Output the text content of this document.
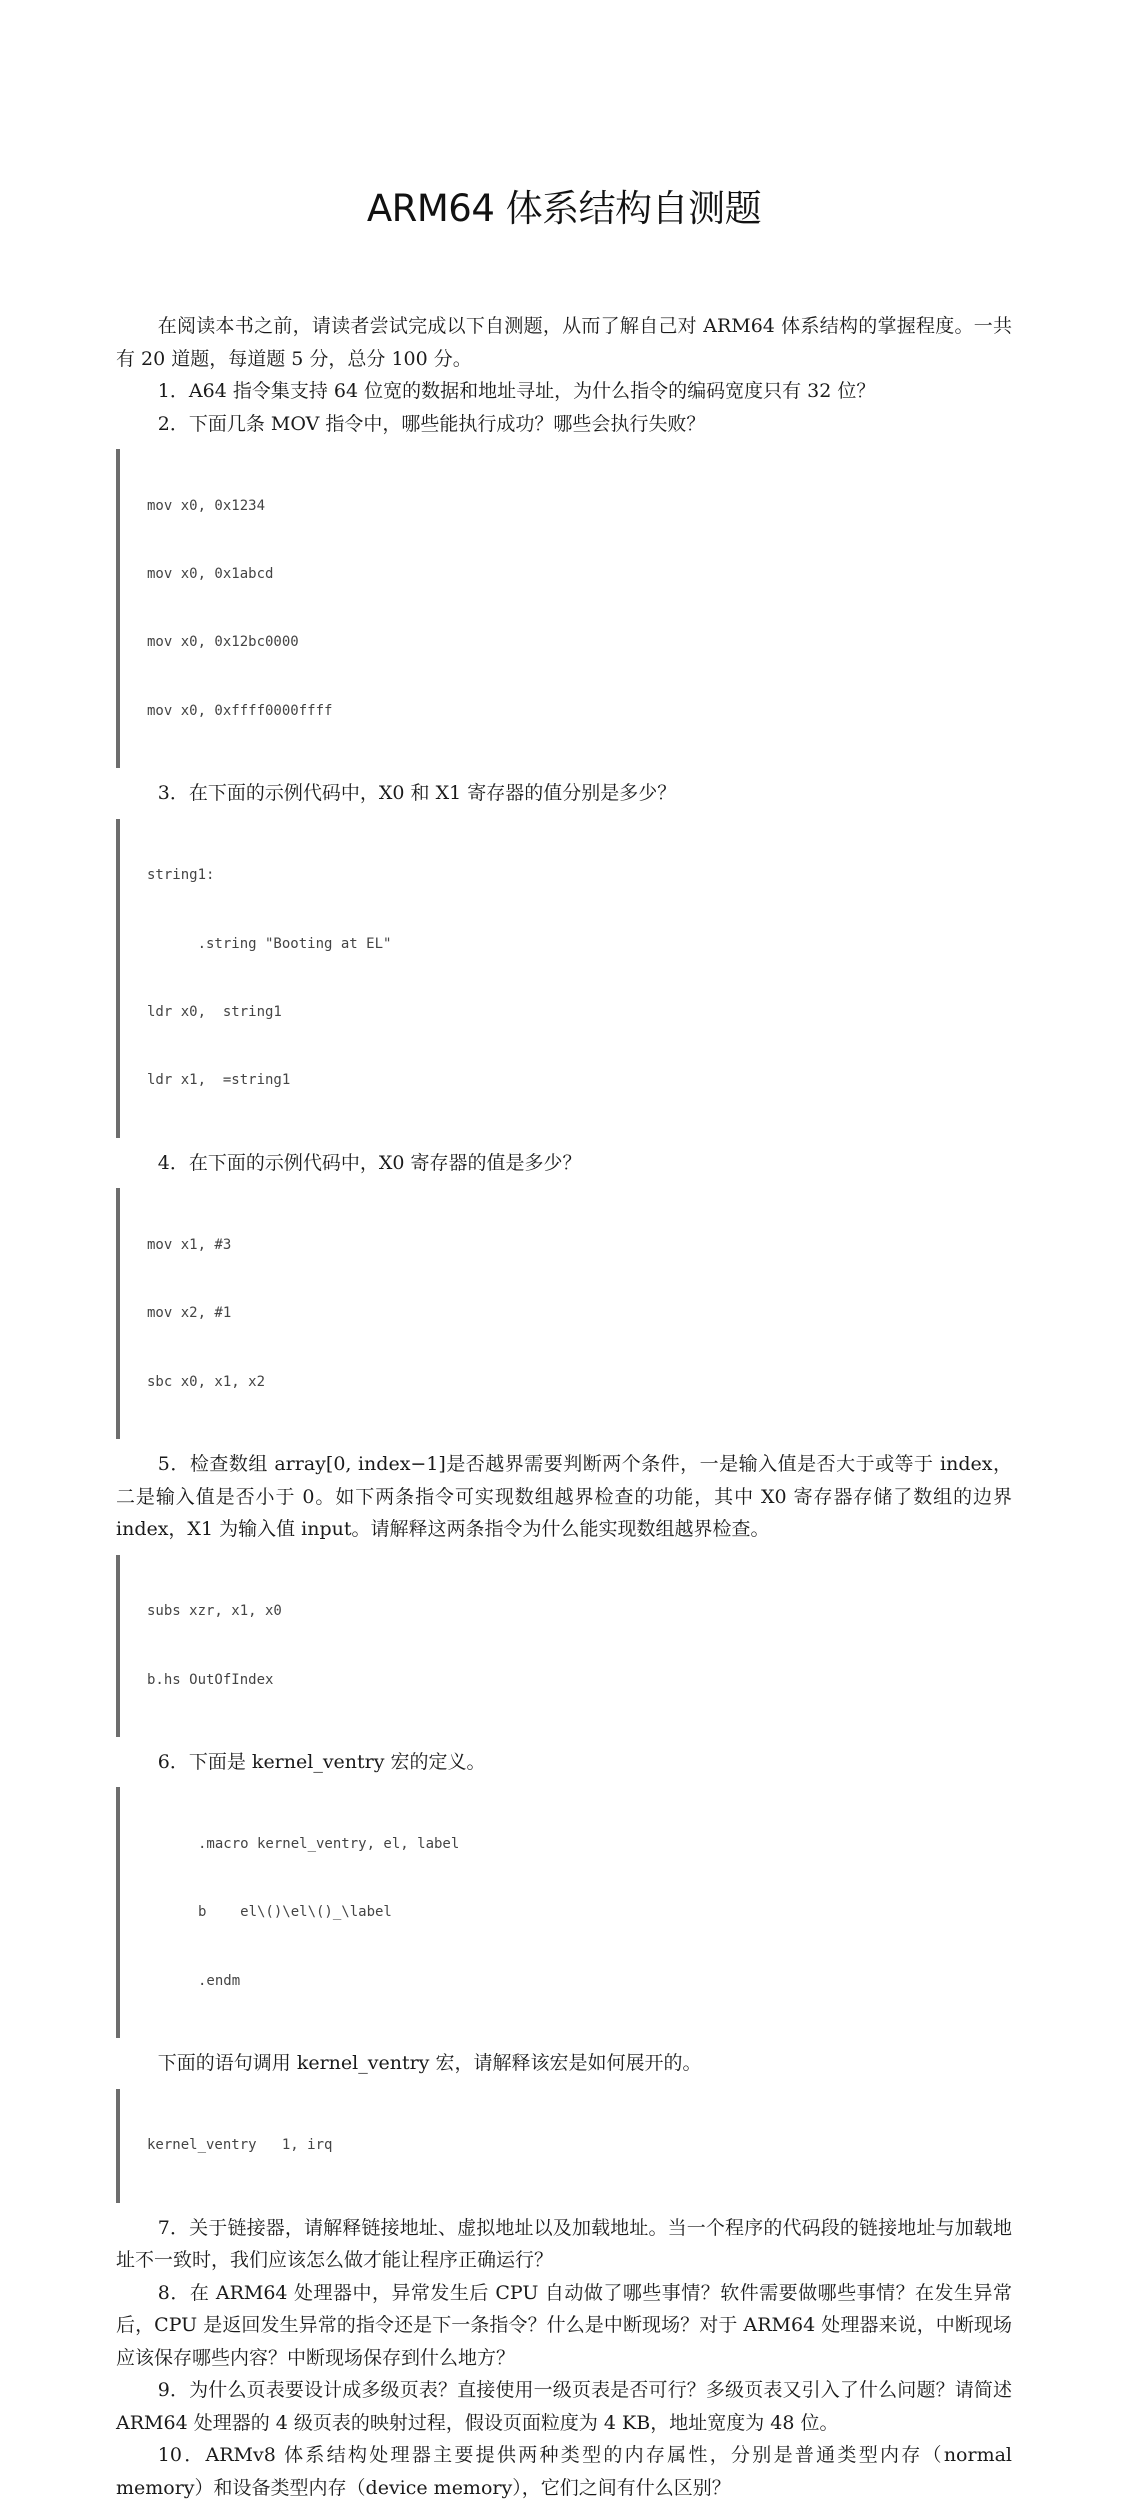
ARM64 体系结构自测题

在阅读本书之前，请读者尝试完成以下自测题，从而了解自己对 ARM64 体系结构的掌握程度。一共有 20 道题，每道题 5 分，总分 100 分。

1．A64 指令集支持 64 位宽的数据和地址寻址，为什么指令的编码宽度只有 32 位？

2．下面几条 MOV 指令中，哪些能执行成功？哪些会执行失败？

mov x0, 0x1234

mov x0, 0x1abcd

mov x0, 0x12bc0000

mov x0, 0xffff0000ffff

3．在下面的示例代码中，X0 和 X1 寄存器的值分别是多少？

string1:

.string "Booting at EL"

ldr x0,  string1

ldr x1,  =string1

4．在下面的示例代码中，X0 寄存器的值是多少？

mov x1, #3

mov x2, #1

sbc x0, x1, x2

5．检查数组 array[0, index−1]是否越界需要判断两个条件，一是输入值是否大于或等于 index，二是输入值是否小于 0。如下两条指令可实现数组越界检查的功能，其中 X0 寄存器存储了数组的边界 index，X1 为输入值 input。请解释这两条指令为什么能实现数组越界检查。

subs xzr, x1, x0

b.hs OutOfIndex

6．下面是 kernel_ventry 宏的定义。

.macro kernel_ventry, el, label

b    el\()\el\()_\label

.endm

下面的语句调用 kernel_ventry 宏，请解释该宏是如何展开的。

kernel_ventry   1, irq

7．关于链接器，请解释链接地址、虚拟地址以及加载地址。当一个程序的代码段的链接地址与加载地址不一致时，我们应该怎么做才能让程序正确运行？

8．在 ARM64 处理器中，异常发生后 CPU 自动做了哪些事情？软件需要做哪些事情？在发生异常后，CPU 是返回发生异常的指令还是下一条指令？什么是中断现场？对于 ARM64 处理器来说，中断现场应该保存哪些内容？中断现场保存到什么地方？

9．为什么页表要设计成多级页表？直接使用一级页表是否可行？多级页表又引入了什么问题？请简述 ARM64 处理器的 4 级页表的映射过程，假设页面粒度为 4 KB，地址宽度为 48 位。

10．ARMv8 体系结构处理器主要提供两种类型的内存属性，分别是普通类型内存（normal memory）和设备类型内存（device memory），它们之间有什么区别？
